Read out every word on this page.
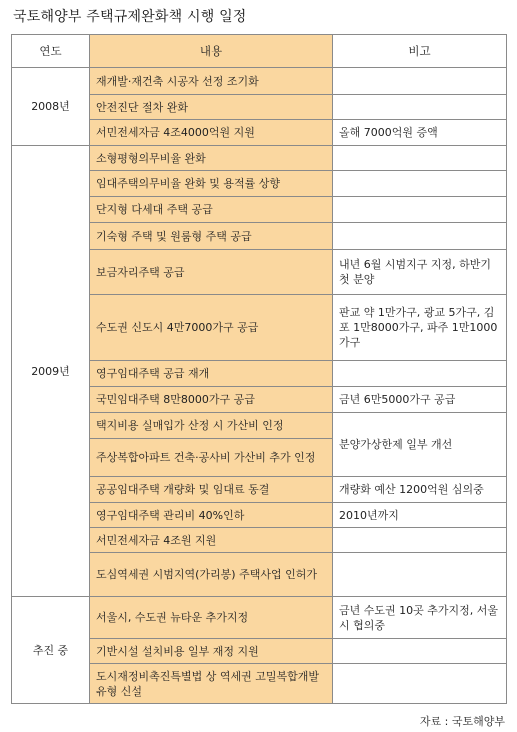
국토해양부 주택규제완화책 시행 일정
연도	내용	비고
2008년	재개발·재건축 시공자 선정 조기화	
	안전진단 절차 완화	
	서민전세자금 4조4000억원 지원	올해 7000억원 증액
2009년	소형평형의무비율 완화	
	임대주택의무비율 완화 및 용적률 상향	
	단지형 다세대 주택 공급	
	기숙형 주택 및 원룸형 주택 공급	
	보금자리주택 공급	내년 6월 시범지구 지정, 하반기 첫 분양
	수도권 신도시 4만7000가구 공급	판교 약 1만가구, 광교 5가구, 김포 1만8000가구, 파주 1만1000가구
	영구임대주택 공급 재개	
	국민임대주택 8만8000가구 공급	금년 6만5000가구 공급
	택지비용 실매입가 산정 시 가산비 인정	분양가상한제 일부 개선
	주상복합아파트 건축·공사비 가산비 추가 인정	
	공공임대주택 개량화 및 임대료 동결	개량화 예산 1200억원 심의중
	영구임대주택 관리비 40%인하	2010년까지
	서민전세자금 4조원 지원	
	도심역세권 시범지역(가리봉) 주택사업 인허가	
추진 중	서울시, 수도권 뉴타운 추가지정	금년 수도권 10곳 추가지정, 서울시 협의중
	기반시설 설치비용 일부 재정 지원	
	도시재정비촉진특별법 상 역세권 고밀복합개발 유형 신설	
자료 : 국토해양부
